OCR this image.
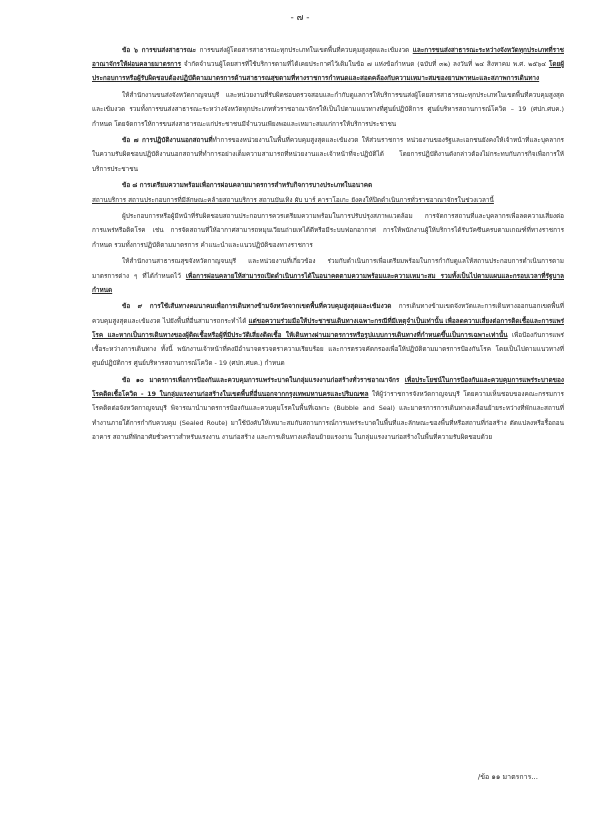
- ๗ -

ข้อ ๖ การขนส่งสาธารณะ การขนส่งผู้โดยสารสาธารณะทุกประเภทในเขตพื้นที่ควบคุมสูงสุดและเข้มงวด และการขนส่งสาธารณะระหว่างจังหวัดทุกประเภทที่ราชอาณาจักรให้ผ่อนคลายมาตรการ จำกัดจำนวนผู้โดยสารที่ใช้บริการตามที่ได้เคยประกาศไว้เดิมในข้อ ๗ แห่งข้อกำหนด (ฉบับที่ ๓๒) ลงวันที่ ๒๔ สิงหาคม พ.ศ. ๒๕๖๔ โดยผู้ประกอบการหรือผู้รับผิดชอบต้องปฏิบัติตามมาตรการด้านสาธารณสุขตามที่ทางราชการกำหนดและสอดคล้องกับความเหมาะสมของยานพาหนะและสภาพการเดินทาง

ให้สำนักงานขนส่งจังหวัดกาญจนบุรี และหน่วยงานที่รับผิดชอบตรวจสอบและกำกับดูแลการให้บริการขนส่งผู้โดยสารสาธารณะทุกประเภทในเขตพื้นที่ควบคุมสูงสุดและเข้มงวด รวมทั้งการขนส่งสาธารณะระหว่างจังหวัดทุกประเภททั่วราชอาณาจักรให้เป็นไปตามแนวทางที่ศูนย์ปฏิบัติการ ศูนย์บริหารสถานการณ์โควิด – 19 (ศปก.ศบค.) กำหนด โดยจัดการให้การขนส่งสาธารณะแก่ประชาชนมีจำนวนเพียงพอและเหมาะสมแก่การให้บริการประชาชน

ข้อ ๗ การปฏิบัติงานนอกสถานที่ทำการของหน่วยงานในพื้นที่ควบคุมสูงสุดและเข้มงวด ให้ส่วนราชการ หน่วยงานของรัฐและเอกชนยังคงให้เจ้าหน้าที่และบุคลากรในความรับผิดชอบปฏิบัติงานนอกสถานที่ทำการอย่างเต็มความสามารถที่หน่วยงานและเจ้าหน้าที่จะปฏิบัติได้ โดยการปฏิบัติงานดังกล่าวต้องไม่กระทบกับภารกิจเพื่อการให้บริการประชาชน

ข้อ ๘ การเตรียมความพร้อมเพื่อการผ่อนคลายมาตรการสำหรับกิจการบางประเภทในอนาคต

สถานบริการ สถานประกอบการที่มีลักษณะคล้ายสถานบริการ สถานบันเทิง ผับ บาร์ คาราโอเกะ ยังคงให้ปิดดำเนินการทั่วราชอาณาจักรในช่วงเวลานี้

ผู้ประกอบการหรือผู้มีหน้าที่รับผิดชอบสถานประกอบการควรเตรียมความพร้อมในการปรับปรุงสภาพแวดล้อม การจัดการสถานที่และบุคลากรเพื่อลดความเสี่ยงต่อการแพร่หรือติดโรค เช่น การจัดสถานที่ให้อากาศสามารถหมุนเวียนถ่ายเทได้ดีหรือมีระบบฟอกอากาศ การให้พนักงานผู้ให้บริการได้รับวัคซีนครบตามเกณฑ์ที่ทางราชการกำหนด รวมทั้งการปฏิบัติตามมาตรการ คำแนะนำและแนวปฏิบัติของทางราชการ

ให้สำนักงานสาธารณสุขจังหวัดกาญจนบุรี และหน่วยงานที่เกี่ยวข้อง ร่วมกับดำเนินการเพื่อเตรียมพร้อมในการกำกับดูแลให้สถานประกอบการดำเนินการตามมาตรการต่าง ๆ ที่ได้กำหนดไว้ เพื่อการผ่อนคลายให้สามารถเปิดดำเนินการได้ในอนาคตตามความพร้อมและความเหมาะสม รวมทั้งเป็นไปตามแผนและกรอบเวลาที่รัฐบาลกำหนด

ข้อ ๙ การใช้เส้นทางคมนาคมเพื่อการเดินทางข้ามจังหวัดจากเขตพื้นที่ควบคุมสูงสุดและเข้มงวด การเดินทางข้ามเขตจังหวัดและการเดินทางออกนอกเขตพื้นที่ควบคุมสูงสุดและเข้มงวด ไปยังพื้นที่อื่นสามารถกระทำได้ แต่ขอความร่วมมือให้ประชาชนเดินทางเฉพาะกรณีที่มีเหตุจำเป็นเท่านั้น เพื่อลดความเสี่ยงต่อการติดเชื้อและการแพร่โรค และหากเป็นการเดินทางของผู้ติดเชื้อหรือผู้ที่มีประวัติเสี่ยงติดเชื้อ ให้เดินทางผ่านมาตรการหรือรูปแบบการเดินทางที่กำหนดขึ้นเป็นการเฉพาะเท่านั้น เพื่อป้องกันการแพร่เชื้อระหว่างการเดินทาง ทั้งนี้ พนักงานเจ้าหน้าที่คงมีอำนาจตรวจตราความเรียบร้อย และการตรวจคัดกรองเพื่อให้ปฏิบัติตามมาตรการป้องกันโรค โดยเป็นไปตามแนวทางที่ศูนย์ปฏิบัติการ ศูนย์บริหารสถานการณ์โควิด - 19 (ศปก.ศบค.) กำหนด

ข้อ ๑๐ มาตรการเพื่อการป้องกันและควบคุมการแพร่ระบาดในกลุ่มแรงงานก่อสร้างทั่วราชอาณาจักร เพื่อประโยชน์ในการป้องกันและควบคุมการแพร่ระบาดของโรคติดเชื้อโควิด - 19 ในกลุ่มแรงงานก่อสร้างในเขตพื้นที่อื่นนอกจากกรุงเทพมหานครและปริมณฑล ให้ผู้ว่าราชการจังหวัดกาญจนบุรี โดยความเห็นชอบของคณะกรรมการโรคติดต่อจังหวัดกาญจนบุรี พิจารณานำมาตรการป้องกันและควบคุมโรคในพื้นที่เฉพาะ (Bubble and Seal) และมาตรการการเดินทางเคลื่อนย้ายระหว่างที่พักและสถานที่ทำงานภายใต้การกำกับควบคุม (Sealed Route) มาใช้บังคับให้เหมาะสมกับสถานการณ์การแพร่ระบาดในพื้นที่และลักษณะของพื้นที่หรือสถานที่ก่อสร้าง ตัดแปลงหรือรื้อถอนอาคาร สถานที่พักอาศัยชั่วคราวสำหรับแรงงาน งานก่อสร้าง และการเดินทางเคลื่อนย้ายแรงงาน ในกลุ่มแรงงานก่อสร้างในพื้นที่ความรับผิดชอบด้วย

/ข้อ ๑๑ มาตรการ...
